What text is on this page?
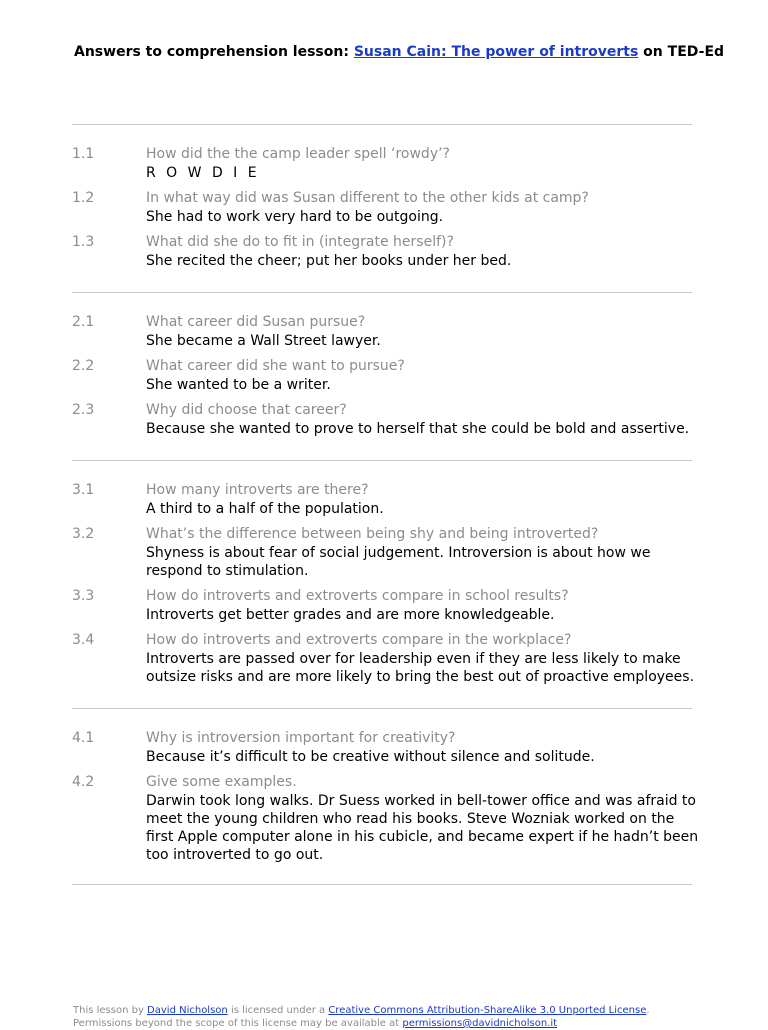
Answers to comprehension lesson: Susan Cain: The power of introverts on TED-Ed
1.1	How did the the camp leader spell ‘rowdy’?
R O W D I E
1.2	In what way did was Susan different to the other kids at camp?
She had to work very hard to be outgoing.
1.3	What did she do to fit in (integrate herself)?
She recited the cheer; put her books under her bed.
2.1	What career did Susan pursue?
She became a Wall Street lawyer.
2.2	What career did she want to pursue?
She wanted to be a writer.
2.3	Why did choose that career?
Because she wanted to prove to herself that she could be bold and assertive.
3.1	How many introverts are there?
A third to a half of the population.
3.2	What’s the difference between being shy and being introverted?
Shyness is about fear of social judgement. Introversion is about how we respond to stimulation.
3.3	How do introverts and extroverts compare in school results?
Introverts get better grades and are more knowledgeable.
3.4	How do introverts and extroverts compare in the workplace?
Introverts are passed over for leadership even if they are less likely to make outsize risks and are more likely to bring the best out of proactive employees.
4.1	Why is introversion important for creativity?
Because it’s difficult to be creative without silence and solitude.
4.2	Give some examples.
Darwin took long walks. Dr Suess worked in bell-tower office and was afraid to meet the young children who read his books. Steve Wozniak worked on the first Apple computer alone in his cubicle, and became expert if he hadn’t been too introverted to go out.
This lesson by David Nicholson is licensed under a Creative Commons Attribution-ShareAlike 3.0 Unported License.
Permissions beyond the scope of this license may be available at permissions@davidnicholson.it
